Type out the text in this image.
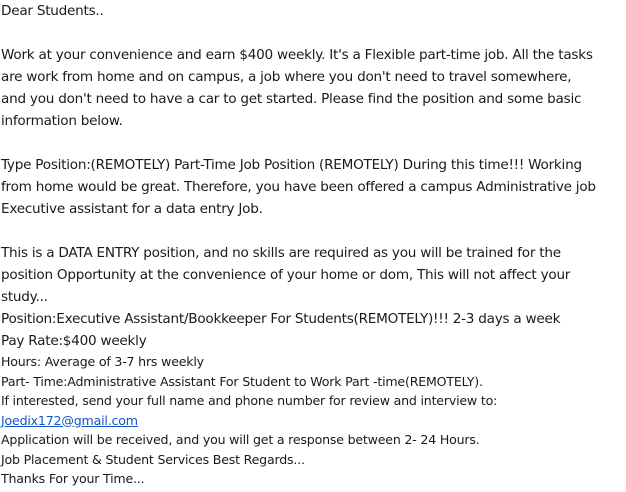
Dear Students..
Work at your convenience and earn $400 weekly. It's a Flexible part-time job. All the tasks
are work from home and on campus, a job where you don't need to travel somewhere,
and you don't need to have a car to get started. Please find the position and some basic
information below.
Type Position:(REMOTELY) Part-Time Job Position (REMOTELY) During this time!!! Working
from home would be great. Therefore, you have been offered a campus Administrative job
Executive assistant for a data entry Job.
This is a DATA ENTRY position, and no skills are required as you will be trained for the
position Opportunity at the convenience of your home or dom, This will not affect your
study...
Position:Executive Assistant/Bookkeeper For Students(REMOTELY)!!! 2-3 days a week
Pay Rate:$400 weekly
Hours: Average of 3-7 hrs weekly
Part- Time:Administrative Assistant For Student to Work Part -time(REMOTELY).
If interested, send your full name and phone number for review and interview to:
Joedix172@gmail.com
Application will be received, and you will get a response between 2- 24 Hours.
Job Placement & Student Services Best Regards...
Thanks For your Time...
